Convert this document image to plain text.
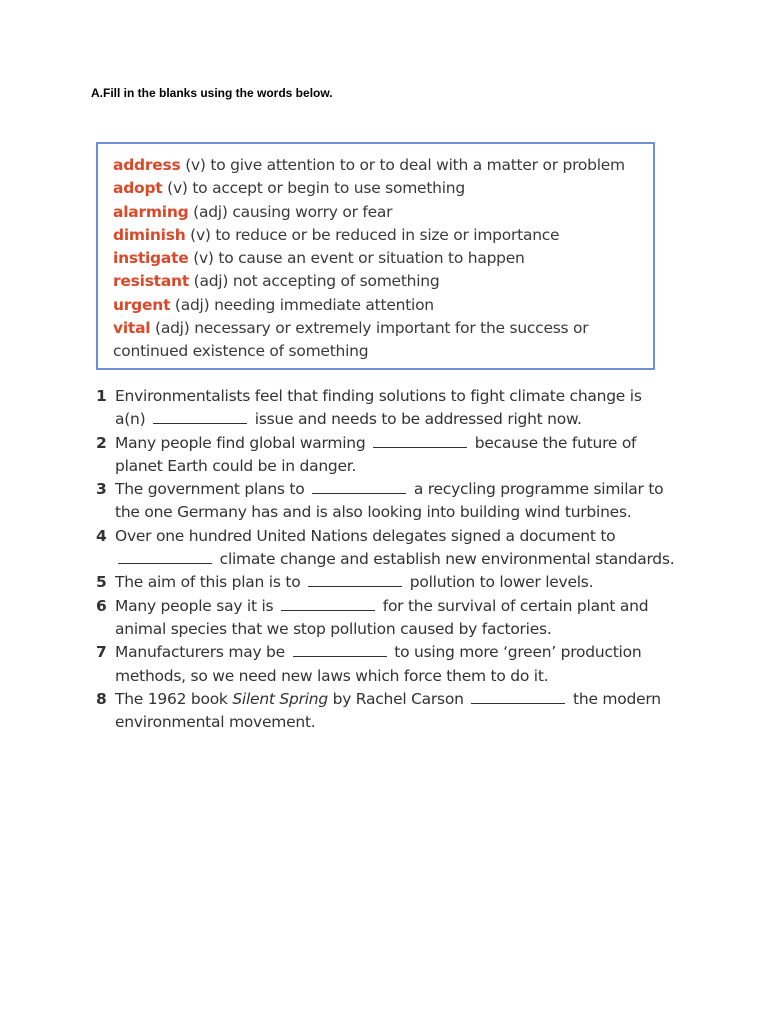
A.Fill in the blanks using the words below.
address (v) to give attention to or to deal with a matter or problem
adopt (v) to accept or begin to use something
alarming (adj) causing worry or fear
diminish (v) to reduce or be reduced in size or importance
instigate (v) to cause an event or situation to happen
resistant (adj) not accepting of something
urgent (adj) needing immediate attention
vital (adj) necessary or extremely important for the success or continued existence of something
1 Environmentalists feel that finding solutions to fight climate change is a(n)	issue and needs to be addressed right now.
2 Many people find global warming	because the future of planet Earth could be in danger.
3 The government plans to	a recycling programme similar to the one Germany has and is also looking into building wind turbines.
4 Over one hundred United Nations delegates signed a document to  climate change and establish new environmental standards.
5 The aim of this plan is to	pollution to lower levels.
6 Many people say it is	for the survival of certain plant and animal species that we stop pollution caused by factories.
7 Manufacturers may be	to using more ‘green’ production methods, so we need new laws which force them to do it.
8 The 1962 book Silent Spring by Rachel Carson	the modern environmental movement.
